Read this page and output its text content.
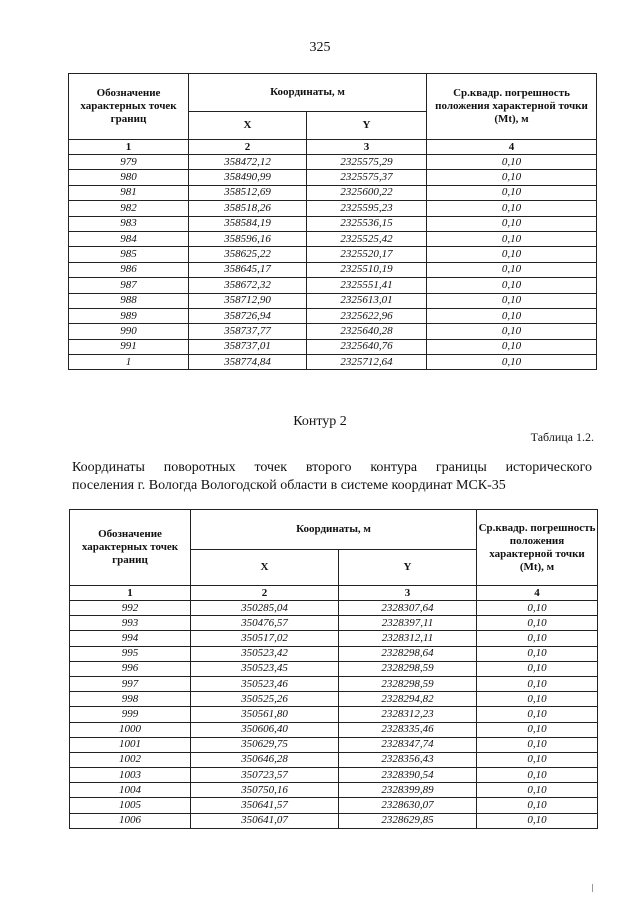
325
Обозначение характерных точек границ	Координаты, м		Ср.квадр. погрешность положения характерной точки (Mt), м
	X	Y	
1	2	3	4
979	358472,12	2325575,29	0,10
980	358490,99	2325575,37	0,10
981	358512,69	2325600,22	0,10
982	358518,26	2325595,23	0,10
983	358584,19	2325536,15	0,10
984	358596,16	2325525,42	0,10
985	358625,22	2325520,17	0,10
986	358645,17	2325510,19	0,10
987	358672,32	2325551,41	0,10
988	358712,90	2325613,01	0,10
989	358726,94	2325622,96	0,10
990	358737,77	2325640,28	0,10
991	358737,01	2325640,76	0,10
1	358774,84	2325712,64	0,10
Контур 2
Таблица 1.2.
Координаты поворотных точек второго контура границы исторического
поселения г. Вологда Вологодской области в системе координат МСК-35
Обозначение характерных точек границ	Координаты, м		Ср.квадр. погрешность положения характерной точки (Mt), м
	X	Y	
1	2	3	4
992	350285,04	2328307,64	0,10
993	350476,57	2328397,11	0,10
994	350517,02	2328312,11	0,10
995	350523,42	2328298,64	0,10
996	350523,45	2328298,59	0,10
997	350523,46	2328298,59	0,10
998	350525,26	2328294,82	0,10
999	350561,80	2328312,23	0,10
1000	350606,40	2328335,46	0,10
1001	350629,75	2328347,74	0,10
1002	350646,28	2328356,43	0,10
1003	350723,57	2328390,54	0,10
1004	350750,16	2328399,89	0,10
1005	350641,57	2328630,07	0,10
1006	350641,07	2328629,85	0,10
